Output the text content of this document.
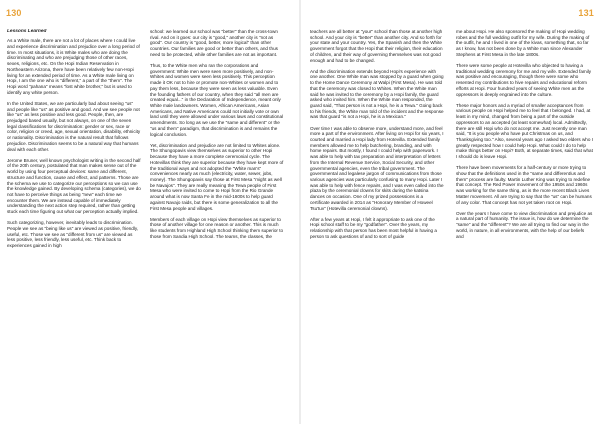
130	131
Lessons Learned

As a White male, there are not a lot of places where I could live and experience discrimination and prejudice over a long period of time. In most situations, it is White males who are doing the discriminating and who are prejudging those of other races, sexes, religions, etc. On the Hopi Indian Reservation in Northeastern Arizona, there have been relatively few non-Hopi living for an extended period of time. As a White male living on Hopi, I am the one who is "different," a part of the "them". The Hopi word "pahana" means "lost white brother," but is used to identify any white person.

In the United States, we are particularly bad about seeing "us" and people like "us" as positive and good. And we see people not like "us" as less positive and less good. People, then, are prejudged based usually, but not always, on one of the seven legal classifications for discrimination: gender or sex, race or color, religion or creed, age, sexual orientation, disability, ethnicity or nationality. Discrimination is the natural result that follows prejudice. Discrimination seems to be a natural way that humans deal with each other.

Jerome Bruner, well known psychologist writing in the second half of the 20th century, postulated that man makes sense out of the world by using four perceptual devices: same and different, structure and function, cause and effect, and patterns. Those are the schema we use to categorize our perceptions so we can use the knowledge gained. By developing schema (categories), we do not have to perceive things as being "new" each time we encounter them. We are instead capable of immediately understanding the next action step required, rather than getting stuck each time figuring out what our perception actually implied.

Such categorizing, however, inevitably leads to discrimination. People we see as "being like us" are viewed as positive, friendly, useful, etc. Those we see as "different from us" are viewed as less positive, less friendly, less useful, etc. Think back to experiences gained in high

school: we learned our school was "better" than the cross-town rival. And on it goes: our city is "good," another city is "not as good". Our country is "good, better, more logical" than other countries. Our families are good or better than others, and thus need to be protected, while other families are not as important.

Thus, to the White men who ran the corporations and government: White men were seen more positively, and non-Whites and women were seen less positively. This perception made it OK not to hire or promote non-Whites or women and to pay them less, because they were seen as less valuable. Even the founding fathers of our country, when they said "all men are created equal..." in the Declaration of Independence, meant only White male landowners. Women, African Americans, Asian Americans, and Native Americans could not initially vote or own land until they were allowed under various laws and constitutional amendments. So long as we use the "same and different" or the "us and them" paradigm, that discrimination is and remains the logical conclusion.

Yet, discrimination and prejudice are not limited to Whites alone. The Shungopavis view themselves as superior to other Hopi because they have a more complete ceremonial cycle. The Hotevillas think they are superior because they have kept more of the traditional ways and not adopted the "White man's" conveniences nearly as much (electricity, water, sewer, jobs, money). The Shungopavis say those at First Mesa "might as well be Navajos". They are really meaning the Tewa people of First Mesa who were invited to come to Hopi from the Rio Grande around what is now Santa Fe in the mid-1600s to help guard against Navajo raids, but there is some generalization to all the First Mesa people and villages.

Members of each village on Hopi view themselves as superior to those of another village for one reason or another. This is much like students from Highland High School thinking them superior to those from Sandia High School. The teams, the classes, the

teachers are all better at "your" school than those at another high school. And your city is "better" than another city. And so forth for your state and your country. Yes, the Spanish and then the White government forgot that the Hopi that their religion, their education of children, and their way of governing themselves was not good enough and had to be changed.

And the discrimination extends beyond Hopi's experience with one another. One White man was stopped by a guard when going to the Home Dance Ceremony at Walpi (First Mesa). He was told that the ceremony was closed to Whites. When the White man said he was invited to the ceremony by a Hopi family, the guard asked who invited him. When the White man responded, the guard said, "That person is not a Hopi, he is a Tewa." Going back to his friends, the White man told of the incident and the response was that guard "is not a Hopi, he is a Mexican."

Over time I was able to observe more, understand more, and feel more a part of the environment. After living on Hopi for six years, I courted and married a Hopi lady from Hotevilla. Extended family members allowed me to help butchering, branding, and with home repairs. But mostly, I found I could help with paperwork. I was able to help with tax preparation and interpretation of letters from the Internal Revenue Service, Social Security, and other governmental agencies, even the tribal government. The governmental and legalese jargon of communications from those various agencies was particularly confusing to many Hopi. Later I was able to help with fence repairs, and I was even called into the plaza by the ceremonial clowns for skits during the katsina dances on occasion. One of my prized possessions is a certificate awarded in 2014 as "Honorary Member of Howeel Tsu'tuv" (Hotevilla ceremonial clowns).

After a few years at Hopi, I felt it appropriate to ask one of the Hopi school staff to be my "godfather". Over the years, my relationship with that person has been most helpful in having a person to ask questions of and to sort of guide

me about Hopi. He also sponsored the making of Hopi wedding robes and the full wedding outfit for my wife. During the making of the outfit, he and I lived in one of the kivas, something that, so far as I know, has not been done by a White man since Alexander Stephens at First Mesa in the late 1800s.

There were some people at Hotevilla who objected to having a traditional wedding ceremony for me and my wife. Extended family was positive and encouraging, though there were some who resented my contributions to hive repairs and educational reform efforts at Hopi. Four hundred years of seeing White men as the oppressors is deeply engrained into the culture.

These major honors and a myriad of smaller acceptances from various people on Hopi helped me to feel that I belonged. I had, at least in my mind, changed from being a part of the outside oppressors to an accepted (at least somewhat) local. Admittedly, there are still Hopi who do not accept me. Just recently one man said, "It is you people who have put Christmas on us, and Thanksgiving too." Also, several years ago I asked two elders who I greatly respected how I could help Hopi. What could I do to help make things better on Hopi? Both, at separate times, said that what I should do is leave Hopi.

There have been movements for a half-century or more trying to show that the definitions used in the "same and different/us and them" process are faulty. Martin Luther King was trying to redefine that concept. The Red Power movement of the 1950s and 1960s was working for the same thing, as is the more recent Black Lives Matter movement. All are trying to say that the "us" can be humans of any color. That concept has not yet taken root on Hopi.

Over the years I have come to view discrimination and prejudice as a natural part of humanity. The issue is, how do we determine the "same" and the "different"? We are all trying to find our way in the world, in nature, in all environments, with the help of our beliefs and
